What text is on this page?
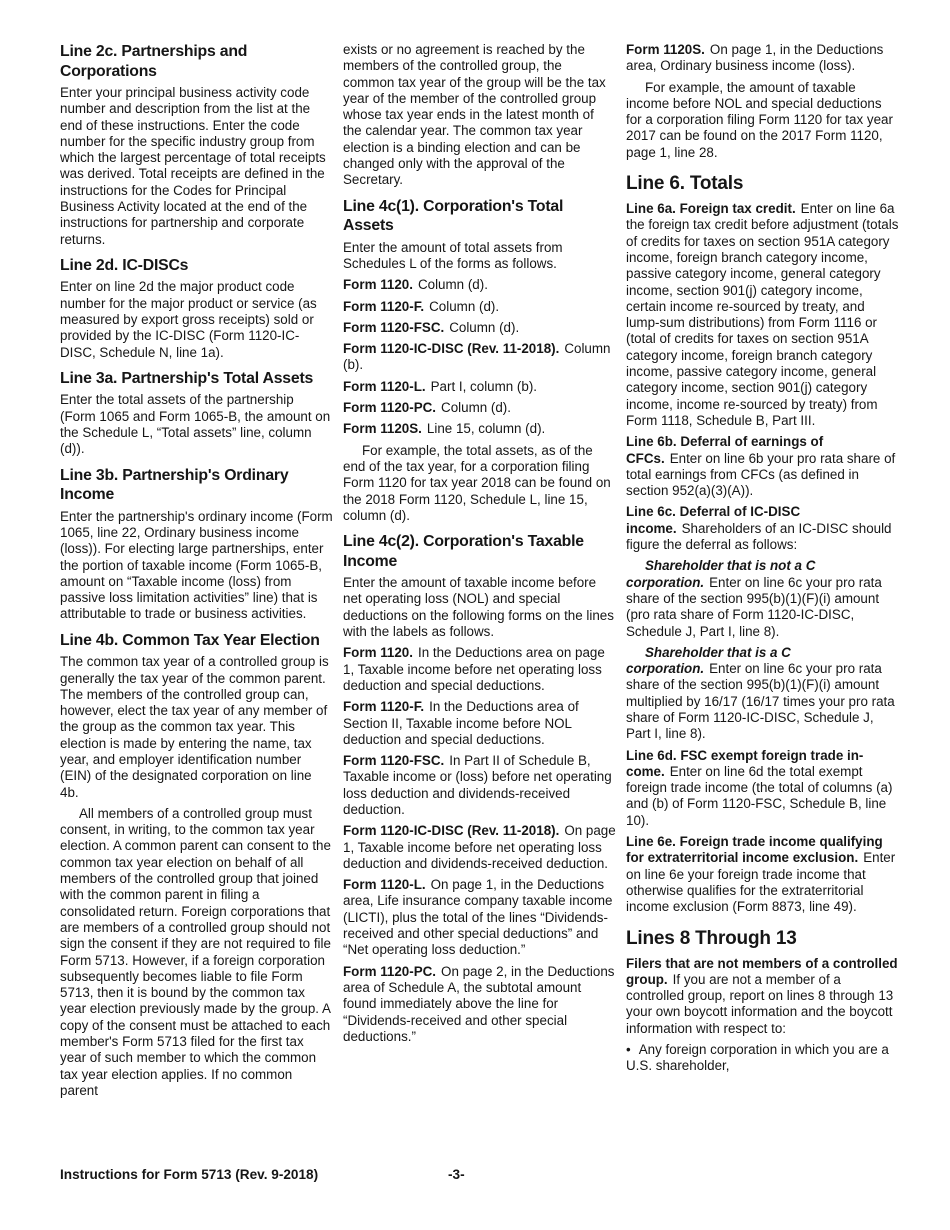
Line 2c. Partnerships and Corporations

Enter your principal business activity code number and description from the list at the end of these instructions. Enter the code number for the specific industry group from which the largest percentage of total receipts was derived. Total receipts are defined in the instructions for the Codes for Principal Business Activity located at the end of the instructions for partnership and corporate returns.

Line 2d. IC-DISCs

Enter on line 2d the major product code number for the major product or service (as measured by export gross receipts) sold or provided by the IC-DISC (Form 1120-IC-DISC, Schedule N, line 1a).

Line 3a. Partnership's Total Assets

Enter the total assets of the partnership (Form 1065 and Form 1065-B, the amount on the Schedule L, “Total assets” line, column (d)).

Line 3b. Partnership's Ordinary Income

Enter the partnership's ordinary income (Form 1065, line 22, Ordinary business income (loss)). For electing large partnerships, enter the portion of taxable income (Form 1065-B, amount on “Taxable income (loss) from passive loss limitation activities” line) that is attributable to trade or business activities.

Line 4b. Common Tax Year Election

The common tax year of a controlled group is generally the tax year of the common parent. The members of the controlled group can, however, elect the tax year of any member of the group as the common tax year. This election is made by entering the name, tax year, and employer identification number (EIN) of the designated corporation on line 4b.

All members of a controlled group must consent, in writing, to the common tax year election. A common parent can consent to the common tax year election on behalf of all members of the controlled group that joined with the common parent in filing a consolidated return. Foreign corporations that are members of a controlled group should not sign the consent if they are not required to file Form 5713. However, if a foreign corporation subsequently becomes liable to file Form 5713, then it is bound by the common tax year election previously made by the group. A copy of the consent must be attached to each member's Form 5713 filed for the first tax year of such member to which the common tax year election applies. If no common parent

exists or no agreement is reached by the members of the controlled group, the common tax year of the group will be the tax year of the member of the controlled group whose tax year ends in the latest month of the calendar year. The common tax year election is a binding election and can be changed only with the approval of the Secretary.

Line 4c(1). Corporation's Total Assets

Enter the amount of total assets from Schedules L of the forms as follows.

Form 1120. Column (d).

Form 1120-F. Column (d).

Form 1120-FSC. Column (d).

Form 1120-IC-DISC (Rev. 11-2018). Column (b).

Form 1120-L. Part I, column (b).

Form 1120-PC. Column (d).

Form 1120S. Line 15, column (d).

For example, the total assets, as of the end of the tax year, for a corporation filing Form 1120 for tax year 2018 can be found on the 2018 Form 1120, Schedule L, line 15, column (d).

Line 4c(2). Corporation's Taxable Income

Enter the amount of taxable income before net operating loss (NOL) and special deductions on the following forms on the lines with the labels as follows.

Form 1120. In the Deductions area on page 1, Taxable income before net operating loss deduction and special deductions.

Form 1120-F. In the Deductions area of Section II, Taxable income before NOL deduction and special deductions.

Form 1120-FSC. In Part II of Schedule B, Taxable income or (loss) before net operating loss deduction and dividends-received deduction.

Form 1120-IC-DISC (Rev. 11-2018). On page 1, Taxable income before net operating loss deduction and dividends-received deduction.

Form 1120-L. On page 1, in the Deductions area, Life insurance company taxable income (LICTI), plus the total of the lines “Dividends-received and other special deductions” and “Net operating loss deduction.”

Form 1120-PC. On page 2, in the Deductions area of Schedule A, the subtotal amount found immediately above the line for “Dividends-received and other special deductions.”

Form 1120S. On page 1, in the Deductions area, Ordinary business income (loss).

For example, the amount of taxable income before NOL and special deductions for a corporation filing Form 1120 for tax year 2017 can be found on the 2017 Form 1120, page 1, line 28.

Line 6. Totals

Line 6a. Foreign tax credit. Enter on line 6a the foreign tax credit before adjustment (totals of credits for taxes on section 951A category income, foreign branch category income, passive category income, general category income, section 901(j) category income, certain income re-sourced by treaty, and lump-sum distributions) from Form 1116 or (total of credits for taxes on section 951A category income, foreign branch category income, passive category income, general category income, section 901(j) category income, income re-sourced by treaty) from Form 1118, Schedule B, Part III.

Line 6b. Deferral of earnings of CFCs. Enter on line 6b your pro rata share of total earnings from CFCs (as defined in section 952(a)(3)(A)).

Line 6c. Deferral of IC-DISC income. Shareholders of an IC-DISC should figure the deferral as follows:

Shareholder that is not a C corporation. Enter on line 6c your pro rata share of the section 995(b)(1)(F)(i) amount (pro rata share of Form 1120-IC-DISC, Schedule J, Part I, line 8).

Shareholder that is a C corporation. Enter on line 6c your pro rata share of the section 995(b)(1)(F)(i) amount multiplied by 16/17 (16/17 times your pro rata share of Form 1120-IC-DISC, Schedule J, Part I, line 8).

Line 6d. FSC exempt foreign trade income. Enter on line 6d the total exempt foreign trade income (the total of columns (a) and (b) of Form 1120-FSC, Schedule B, line 10).

Line 6e. Foreign trade income qualifying for extraterritorial income exclusion. Enter on line 6e your foreign trade income that otherwise qualifies for the extraterritorial income exclusion (Form 8873, line 49).

Lines 8 Through 13

Filers that are not members of a controlled group. If you are not a member of a controlled group, report on lines 8 through 13 your own boycott information and the boycott information with respect to:

• Any foreign corporation in which you are a U.S. shareholder,

Instructions for Form 5713 (Rev. 9-2018)	-3-
